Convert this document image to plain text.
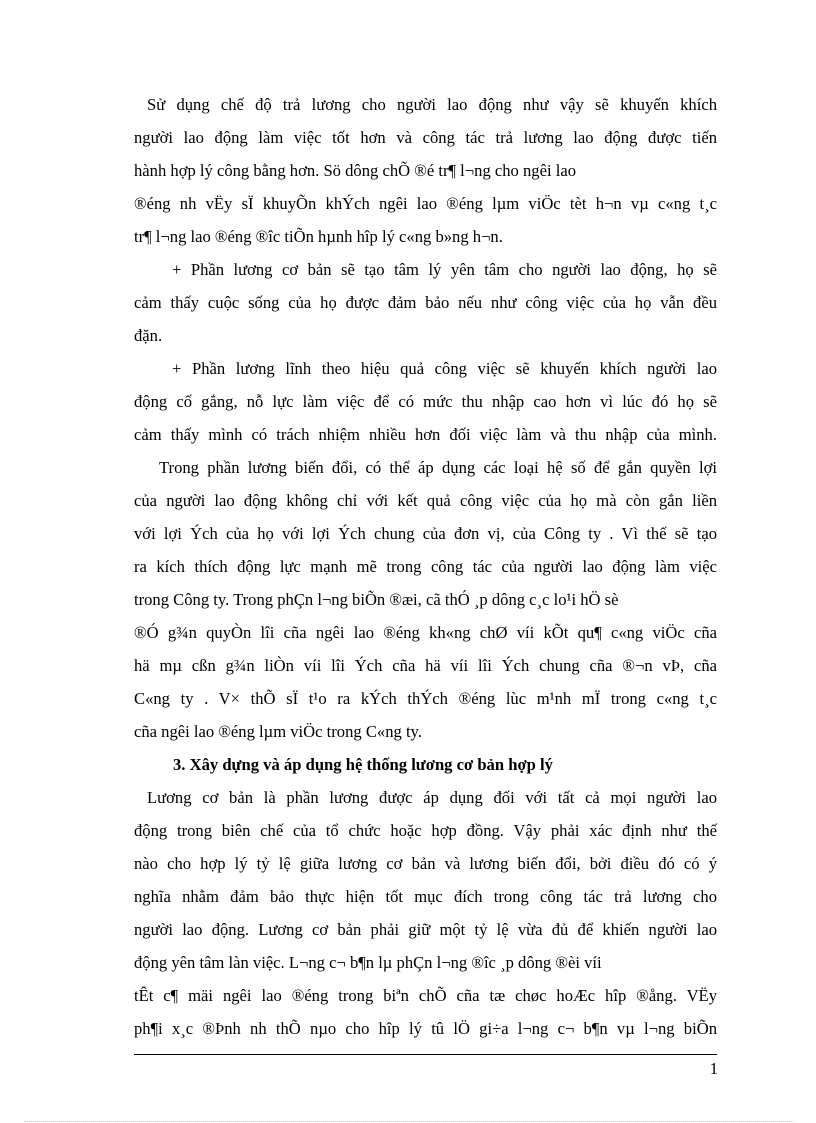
Sử dụng chế độ trả lương cho người lao động như vậy sẽ khuyến khích

người lao động làm việc tốt hơn và công tác trả lương lao động được tiến

hành hợp lý công bằng hơn. Sö dông chÕ ®é tr¶ l¬ng cho ngêi lao

®éng nh vËy sÏ khuyÕn khÝch ngêi lao ®éng lµm viÖc tèt h¬n vµ c«ng t¸c

tr¶ l¬ng lao ®éng ®îc tiÕn hµnh hîp lý c«ng b»ng h¬n.

+ Phần lương cơ bản sẽ tạo tâm lý yên tâm cho người lao động, họ sẽ

cảm thấy cuộc sống của họ được đảm bảo nếu như công việc của họ vẫn đều

đặn.

+ Phần lương lĩnh theo hiệu quả công việc sẽ khuyến khích người lao

động cố gắng, nỗ lực làm việc để có mức thu nhập cao hơn vì lúc đó họ sẽ

cảm thấy mình có trách nhiệm nhiều hơn đối việc làm và thu nhập của mình.

Trong phần lương biến đổi, có thể áp dụng các loại hệ số để gắn quyền lợi

của người lao động không chỉ với kết quả công việc của họ mà còn gắn liền

với lợi Ých của họ với lợi Ých chung của đơn vị, của Công ty . Vì thế sẽ tạo

ra kích thích động lực mạnh mẽ trong công tác của người lao động làm việc

trong Công ty. Trong phÇn l¬ng biÕn ®æi, cã thÓ ¸p dông c¸c lo¹i hÖ sè

®Ó g¾n quyÒn lîi cña ngêi lao ®éng kh«ng chØ víi kÕt qu¶ c«ng viÖc cña

hä mµ cßn g¾n liÒn víi lîi Ých cña hä víi lîi Ých chung cña ®¬n vÞ, cña

C«ng ty . V× thÕ sÏ t¹o ra kÝch thÝch ®éng lùc m¹nh mÏ trong c«ng t¸c

cña ngêi lao ®éng lµm viÖc trong C«ng ty.

3. Xây dựng và áp dụng hệ thống lương cơ bản hợp lý

Lương cơ bản là phần lương được áp dụng đối với tất cả mọi người lao

động trong biên chế của tổ chức hoặc hợp đồng. Vậy phải xác định như thế

nào cho hợp lý tỷ lệ giữa lương cơ bản và lương biến đổi, bởi điều đó có ý

nghĩa nhằm đảm bảo thực hiện tốt mục đích trong công tác trả lương cho

người lao động. Lương cơ bản phải giữ một tỷ lệ vừa đủ để khiến người lao

động yên tâm làn việc. L¬ng c¬ b¶n lµ phÇn l¬ng ®îc ¸p dông ®èi víi

tÊt c¶ mäi ngêi lao ®éng trong biªn chÕ cña tæ chøc hoÆc hîp ®ång. VËy

ph¶i x¸c ®Þnh nh thÕ nµo cho hîp lý tû lÖ gi÷a l¬ng c¬ b¶n vµ l¬ng biÕn

1
